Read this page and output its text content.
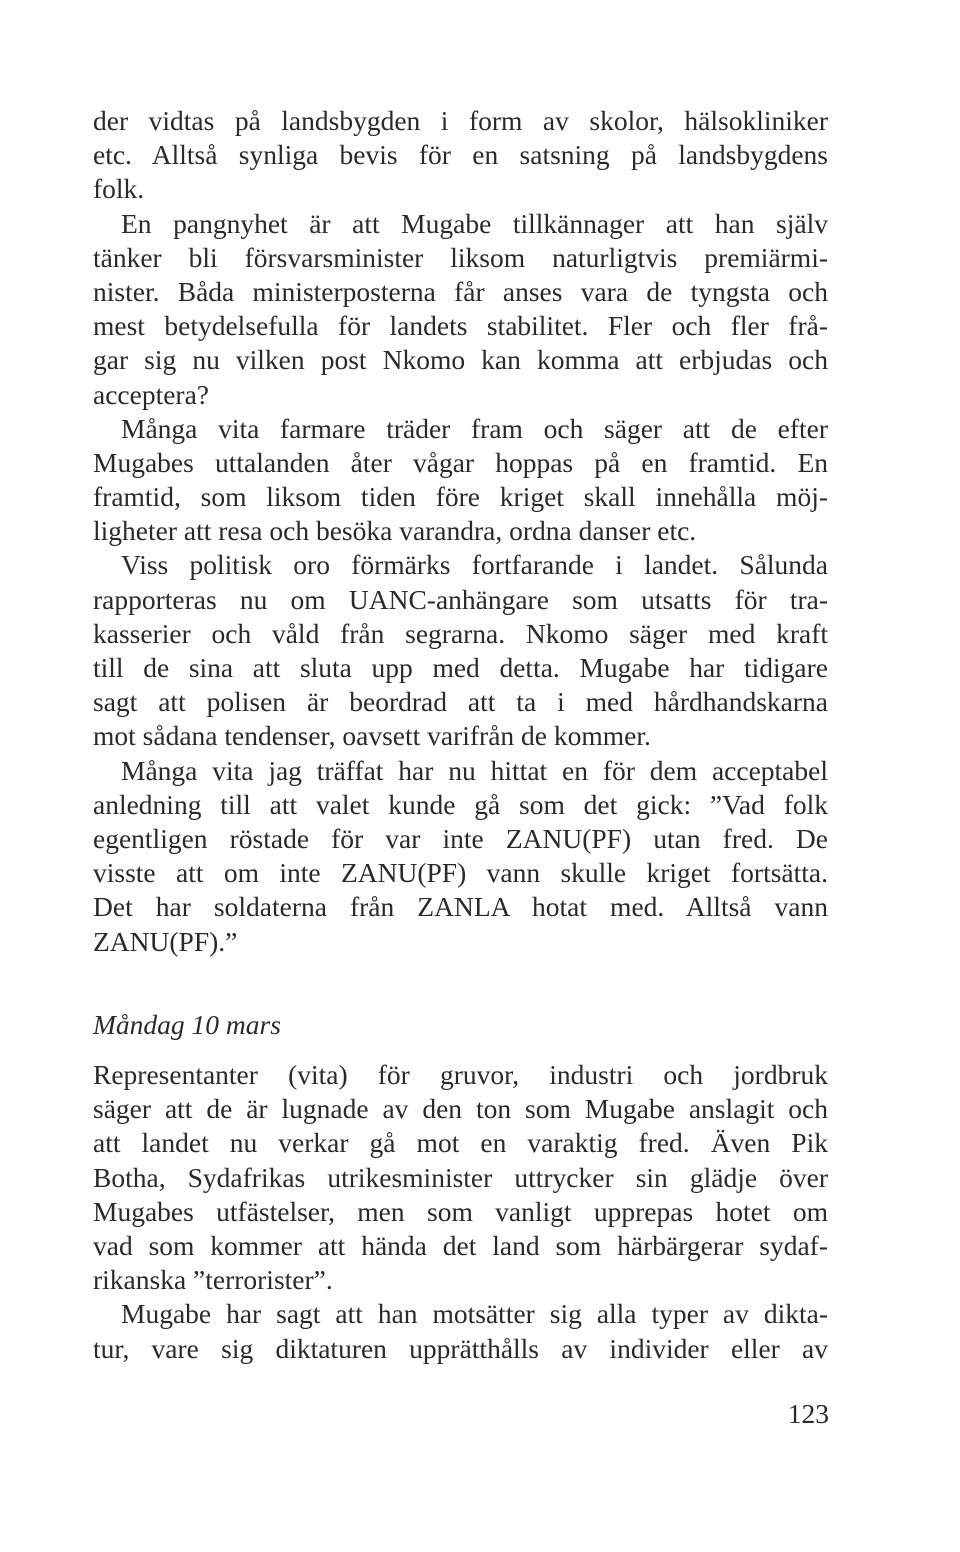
der vidtas på landsbygden i form av skolor, hälsokliniker
etc. Alltså synliga bevis för en satsning på landsbygdens
folk.
En pangnyhet är att Mugabe tillkännager att han själv
tänker bli försvarsminister liksom naturligtvis premiärmi-
nister. Båda ministerposterna får anses vara de tyngsta och
mest betydelsefulla för landets stabilitet. Fler och fler frå-
gar sig nu vilken post Nkomo kan komma att erbjudas och
acceptera?
Många vita farmare träder fram och säger att de efter
Mugabes uttalanden åter vågar hoppas på en framtid. En
framtid, som liksom tiden före kriget skall innehålla möj-
ligheter att resa och besöka varandra, ordna danser etc.
Viss politisk oro förmärks fortfarande i landet. Sålunda
rapporteras nu om UANC-anhängare som utsatts för tra-
kasserier och våld från segrarna. Nkomo säger med kraft
till de sina att sluta upp med detta. Mugabe har tidigare
sagt att polisen är beordrad att ta i med hårdhandskarna
mot sådana tendenser, oavsett varifrån de kommer.
Många vita jag träffat har nu hittat en för dem acceptabel
anledning till att valet kunde gå som det gick: ”Vad folk
egentligen röstade för var inte ZANU(PF) utan fred. De
visste att om inte ZANU(PF) vann skulle kriget fortsätta.
Det har soldaterna från ZANLA hotat med. Alltså vann
ZANU(PF).”
Måndag 10 mars
Representanter (vita) för gruvor, industri och jordbruk
säger att de är lugnade av den ton som Mugabe anslagit och
att landet nu verkar gå mot en varaktig fred. Även Pik
Botha, Sydafrikas utrikesminister uttrycker sin glädje över
Mugabes utfästelser, men som vanligt upprepas hotet om
vad som kommer att hända det land som härbärgerar sydaf-
rikanska ”terrorister”.
Mugabe har sagt att han motsätter sig alla typer av dikta-
tur, vare sig diktaturen upprätthålls av individer eller av
123
